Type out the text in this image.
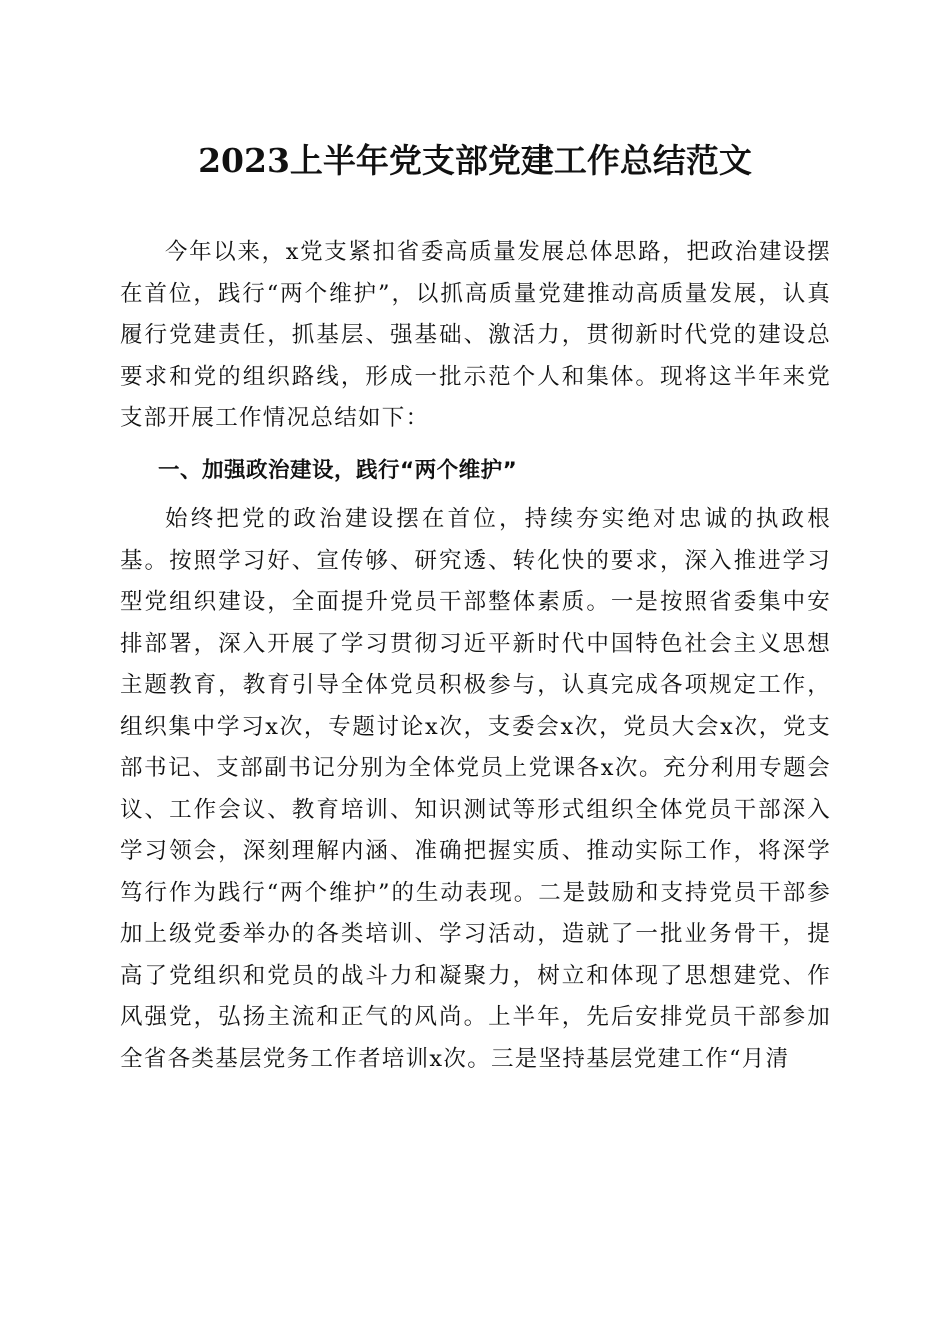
2023上半年党支部党建工作总结范文

今年以来，x党支紧扣省委高质量发展总体思路，把政治建设摆在首位，践行“两个维护”，以抓高质量党建推动高质量发展，认真履行党建责任，抓基层、强基础、激活力，贯彻新时代党的建设总要求和党的组织路线，形成一批示范个人和集体。现将这半年来党支部开展工作情况总结如下：

一、加强政治建设，践行“两个维护”

始终把党的政治建设摆在首位，持续夯实绝对忠诚的执政根基。按照学习好、宣传够、研究透、转化快的要求，深入推进学习型党组织建设，全面提升党员干部整体素质。一是按照省委集中安排部署，深入开展了学习贯彻习近平新时代中国特色社会主义思想主题教育，教育引导全体党员积极参与，认真完成各项规定工作，组织集中学习x次，专题讨论x次，支委会x次，党员大会x次，党支部书记、支部副书记分别为全体党员上党课各x次。充分利用专题会议、工作会议、教育培训、知识测试等形式组织全体党员干部深入学习领会，深刻理解内涵、准确把握实质、推动实际工作，将深学笃行作为践行“两个维护”的生动表现。二是鼓励和支持党员干部参加上级党委举办的各类培训、学习活动，造就了一批业务骨干，提高了党组织和党员的战斗力和凝聚力，树立和体现了思想建党、作风强党，弘扬主流和正气的风尚。上半年，先后安排党员干部参加全省各类基层党务工作者培训x次。三是坚持基层党建工作“月清
